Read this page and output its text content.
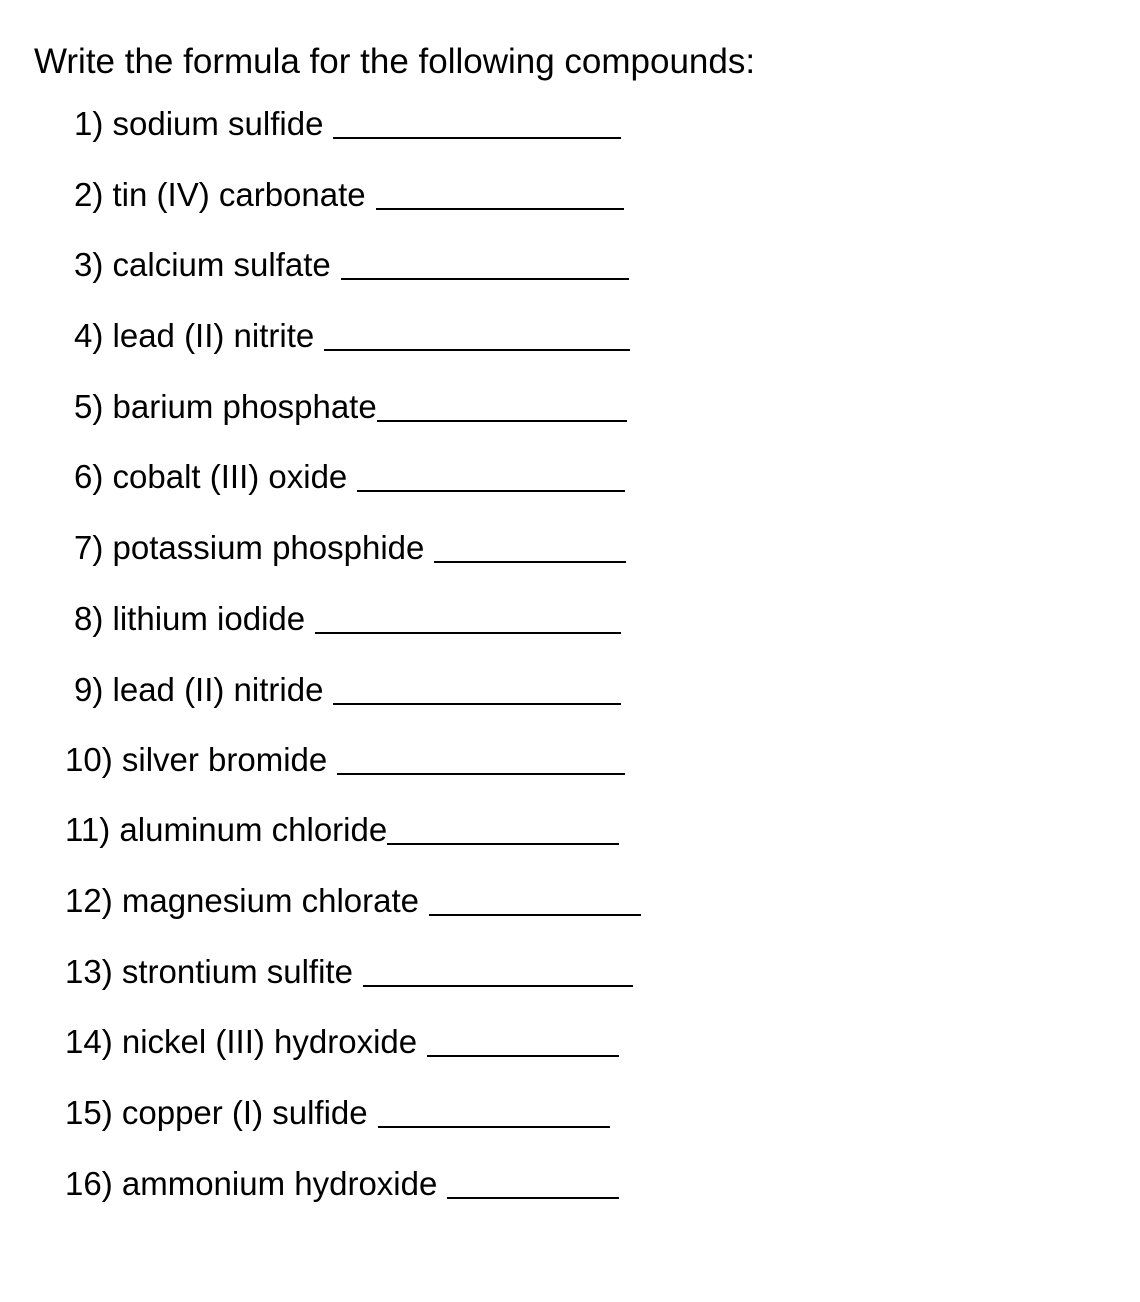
Write the formula for the following compounds:
1) sodium sulfide
2) tin (IV) carbonate
3) calcium sulfate
4) lead (II) nitrite
5) barium phosphate
6) cobalt (III) oxide
7) potassium phosphide
8) lithium iodide
9) lead (II) nitride
10) silver bromide
11) aluminum chloride
12) magnesium chlorate
13) strontium sulfite
14) nickel (III) hydroxide
15) copper (I) sulfide
16) ammonium hydroxide
